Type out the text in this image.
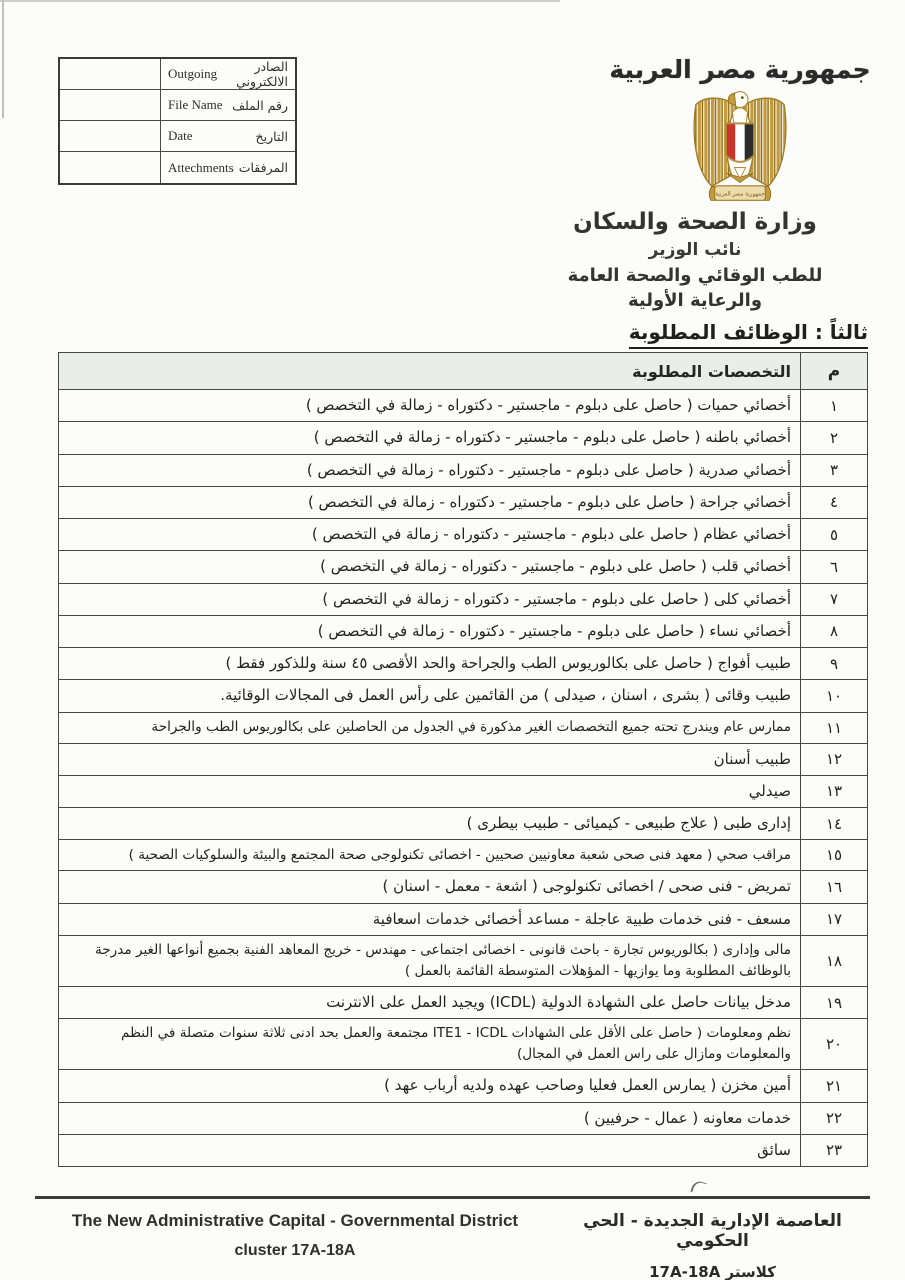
Outgoing	الصادر الالكتروني
File Name رقم الملف
Date	التاريخ
Attechments المرفقات
جمهورية مصر العربية
جمهورية مصر العربية
وزارة الصحة والسكان
نائب الوزير
للطب الوقائي والصحة العامة
والرعاية الأولية
ثالثاً : الوظائف المطلوبة
م	التخصصات المطلوبة
١	أخصائي حميات ( حاصل على دبلوم - ماجستير - دكتوراه - زمالة في التخصص )
٢	أخصائي باطنه ( حاصل على دبلوم - ماجستير - دكتوراه - زمالة في التخصص )
٣	أخصائي صدرية ( حاصل على دبلوم - ماجستير - دكتوراه - زمالة في التخصص )
٤	أخصائي جراحة ( حاصل على دبلوم - ماجستير - دكتوراه - زمالة في التخصص )
٥	أخصائي عظام ( حاصل على دبلوم - ماجستير - دكتوراه - زمالة في التخصص )
٦	أخصائي قلب ( حاصل على دبلوم - ماجستير - دكتوراه - زمالة في التخصص )
٧	أخصائي كلى ( حاصل على دبلوم - ماجستير - دكتوراه - زمالة في التخصص )
٨	أخصائي نساء ( حاصل على دبلوم - ماجستير - دكتوراه - زمالة في التخصص )
٩	طبيب أفواج ( حاصل على بكالوريوس الطب والجراحة والحد الأقصى ٤٥ سنة وللذكور فقط )
١٠	طبيب وقائى ( بشرى ، اسنان ، صيدلى ) من القائمين على رأس العمل فى المجالات الوقائية.
١١	ممارس عام ويندرج تحته جميع التخصصات الغير مذكورة في الجدول من الحاصلين على بكالوريوس الطب والجراحة
١٢	طبيب أسنان
١٣	صيدلي
١٤	إدارى طبى ( علاج طبيعى - كيميائى - طبيب بيطرى )
١٥	مراقب صحي ( معهد فنى صحى شعبة معاونيين صحيين - اخصائى تكنولوجى صحة المجتمع والبيئة والسلوكيات الصحية )
١٦	تمريض - فنى صحى / اخصائى تكنولوجى ( اشعة - معمل - اسنان )
١٧	مسعف - فنى خدمات طبية عاجلة - مساعد أخصائى خدمات اسعافية
١٨	مالى وإدارى ( بكالوريوس تجارة - باحث قانونى - اخصائى اجتماعى - مهندس - خريج المعاهد الفنية بجميع أنواعها الغير مدرجة بالوظائف المطلوبة وما يوازيها - المؤهلات المتوسطة القائمة بالعمل )
١٩	مدخل بيانات حاصل على الشهادة الدولية (ICDL) ويجيد العمل على الانترنت
٢٠	نظم ومعلومات ( حاصل على الأقل على الشهادات ITE1 - ICDL مجتمعة والعمل بحد ادنى ثلاثة سنوات متصلة في النظم والمعلومات ومازال على راس العمل في المجال)
٢١	أمين مخزن ( يمارس العمل فعليا وصاحب عهده ولديه أرباب عهد )
٢٢	خدمات معاونه ( عمال - حرفيين )
٢٣	سائق
The New Administrative Capital - Governmental District
cluster 17A-18A
العاصمة الإدارية الجديدة - الحي الحكومي
كلاستر 17A-18A
